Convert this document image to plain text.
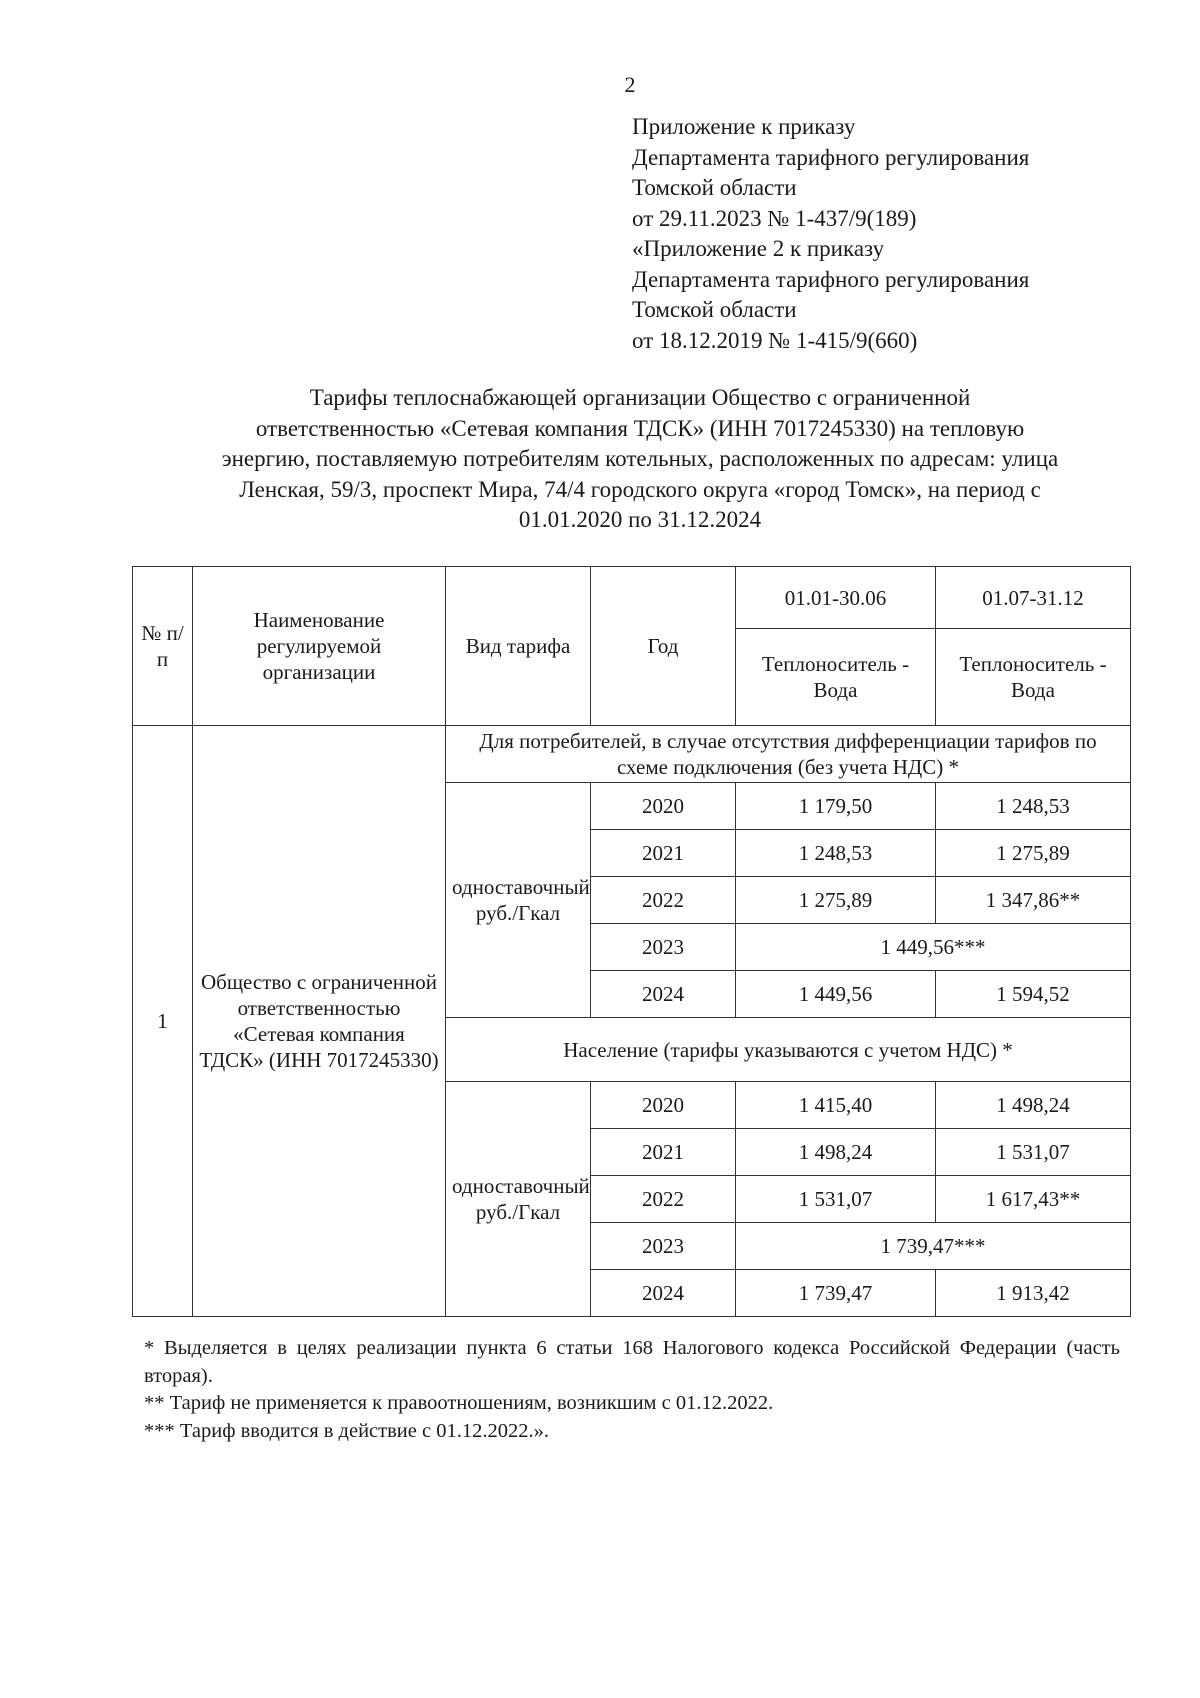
2
Приложение к приказу
Департамента тарифного регулирования
Томской области
от 29.11.2023 № 1-437/9(189)
«Приложение 2 к приказу
Департамента тарифного регулирования
Томской области
от 18.12.2019 № 1-415/9(660)
Тарифы теплоснабжающей организации Общество с ограниченной
ответственностью «Сетевая компания ТДСК» (ИНН 7017245330) на тепловую
энергию, поставляемую потребителям котельных, расположенных по адресам: улица
Ленская, 59/3, проспект Мира, 74/4 городского округа «город Томск», на период с
01.01.2020 по 31.12.2024
№ п/п	Наименование регулируемой организации	Вид тарифа	Год	01.01-30.06	01.07-31.12
				Теплоноситель - Вода	Теплоноситель - Вода
1	Общество с ограниченной ответственностью «Сетевая компания ТДСК» (ИНН 7017245330)	Для потребителей, в случае отсутствия дифференциации тарифов по схеме подключения (без учета НДС) *			
		одноставочный руб./Гкал	2020	1 179,50	1 248,53
			2021	1 248,53	1 275,89
			2022	1 275,89	1 347,86**
			2023	1 449,56***	
			2024	1 449,56	1 594,52
		Население (тарифы указываются с учетом НДС) *			
		одноставочный руб./Гкал	2020	1 415,40	1 498,24
			2021	1 498,24	1 531,07
			2022	1 531,07	1 617,43**
			2023	1 739,47***	
			2024	1 739,47	1 913,42

* Выделяется в целях реализации пункта 6 статьи 168 Налогового кодекса Российской Федерации (часть вторая).

** Тариф не применяется к правоотношениям, возникшим с 01.12.2022.

*** Тариф вводится в действие с 01.12.2022.».
